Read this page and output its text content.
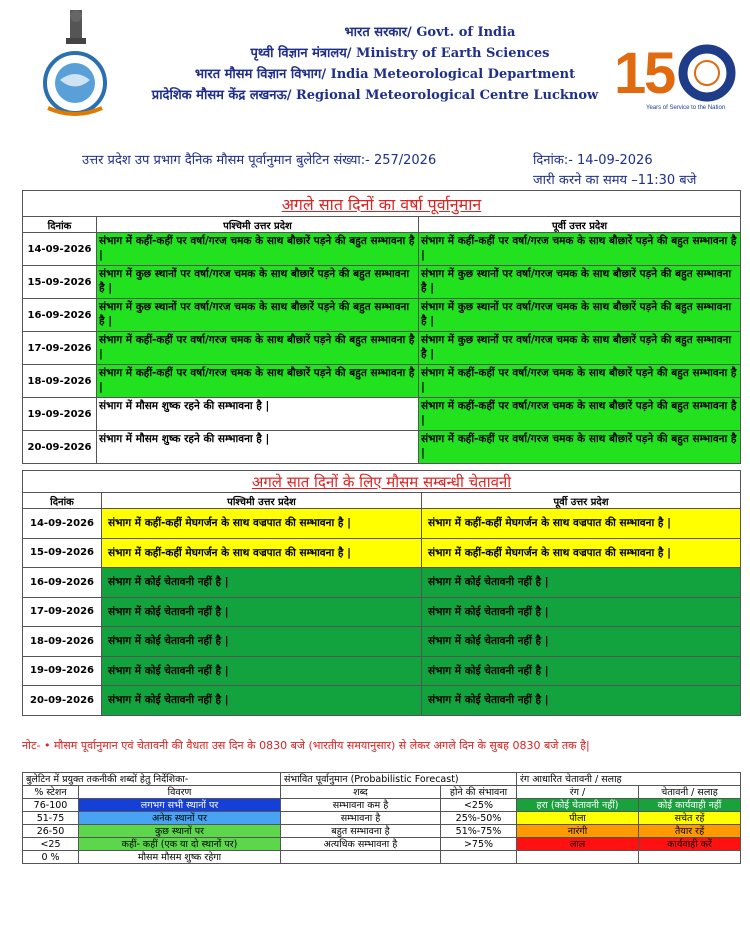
भारत सरकार/ Govt. of India
पृथ्वी विज्ञान मंत्रालय/ Ministry of Earth Sciences
भारत मौसम विज्ञान विभाग/ India Meteorological Department
प्रादेशिक मौसम केंद्र लखनऊ/ Regional Meteorological Centre Lucknow 1
5
Years of Service to the Nation
उत्तर प्रदेश उप प्रभाग दैनिक मौसम पूर्वानुमान बुलेटिन संख्या:- 257/2026	दिनांक:- 14-09-2026
जारी करने का समय –11:30 बजे
अगले सात दिनों का वर्षा पूर्वानुमान		
दिनांक	पश्चिमी उत्तर प्रदेश	पूर्वी उत्तर प्रदेश
14-09-2026	संभाग में कहीं-कहीं पर वर्षा/गरज चमक के साथ बौछारें पड़ने की बहुत सम्भावना है |	संभाग में कहीं-कहीं पर वर्षा/गरज चमक के साथ बौछारें पड़ने की बहुत सम्भावना है |
15-09-2026	संभाग में कुछ स्थानों पर वर्षा/गरज चमक के साथ बौछारें पड़ने की बहुत सम्भावना है |	संभाग में कुछ स्थानों पर वर्षा/गरज चमक के साथ बौछारें पड़ने की बहुत सम्भावना है |
16-09-2026	संभाग में कुछ स्थानों पर वर्षा/गरज चमक के साथ बौछारें पड़ने की बहुत सम्भावना है |	संभाग में कुछ स्थानों पर वर्षा/गरज चमक के साथ बौछारें पड़ने की बहुत सम्भावना है |
17-09-2026	संभाग में कहीं-कहीं पर वर्षा/गरज चमक के साथ बौछारें पड़ने की बहुत सम्भावना है |	संभाग में कुछ स्थानों पर वर्षा/गरज चमक के साथ बौछारें पड़ने की बहुत सम्भावना है |
18-09-2026	संभाग में कहीं-कहीं पर वर्षा/गरज चमक के साथ बौछारें पड़ने की बहुत सम्भावना है |	संभाग में कहीं-कहीं पर वर्षा/गरज चमक के साथ बौछारें पड़ने की बहुत सम्भावना है |
19-09-2026	संभाग में मौसम शुष्क रहने की सम्भावना है |	संभाग में कहीं-कहीं पर वर्षा/गरज चमक के साथ बौछारें पड़ने की बहुत सम्भावना है |
20-09-2026	संभाग में मौसम शुष्क रहने की सम्भावना है |	संभाग में कहीं-कहीं पर वर्षा/गरज चमक के साथ बौछारें पड़ने की बहुत सम्भावना है |
अगले सात दिनों के लिए मौसम सम्बन्धी चेतावनी		
दिनांक	पश्चिमी उत्तर प्रदेश	पूर्वी उत्तर प्रदेश
14-09-2026	संभाग में कहीं-कहीं मेघगर्जन के साथ वज्रपात की सम्भावना है |	संभाग में कहीं-कहीं मेघगर्जन के साथ वज्रपात की सम्भावना है |
15-09-2026	संभाग में कहीं-कहीं मेघगर्जन के साथ वज्रपात की सम्भावना है |	संभाग में कहीं-कहीं मेघगर्जन के साथ वज्रपात की सम्भावना है |
16-09-2026	संभाग में कोई चेतावनी नहीं है |	संभाग में कोई चेतावनी नहीं है |
17-09-2026	संभाग में कोई चेतावनी नहीं है |	संभाग में कोई चेतावनी नहीं है |
18-09-2026	संभाग में कोई चेतावनी नहीं है |	संभाग में कोई चेतावनी नहीं है |
19-09-2026	संभाग में कोई चेतावनी नहीं है |	संभाग में कोई चेतावनी नहीं है |
20-09-2026	संभाग में कोई चेतावनी नहीं है |	संभाग में कोई चेतावनी नहीं है |
नोट- • मौसम पूर्वानुमान एवं चेतावनी की वैधता उस दिन के 0830 बजे (भारतीय समयानुसार) से लेकर अगले दिन के सुबह 0830 बजे तक है|
बुलेटिन में प्रयुक्त तकनीकी शब्दों हेतु निर्देशिका-		संभावित पूर्वानुमान (Probabilistic Forecast)		रंग आधारित चेतावनी / सलाह	
% स्टेशन	विवरण	शब्द	होने की संभावना	रंग /	चेतावनी / सलाह
76-100	लगभग सभी स्थानों पर	सम्भावना कम है	<25%	हरा (कोई चेतावनी नहीं)	कोई कार्यवाही नहीं
51-75	अनेक स्थानों पर	सम्भावना है	25%-50%	पीला	सचेत रहें
26-50	कुछ स्थानों पर	बहुत सम्भावना है	51%-75%	नारंगी	तैयार रहें
<25	कहीं- कहीं (एक या दो स्थानों पर)	अत्यधिक सम्भावना है	>75%	लाल	कार्यवाही करें
0 %	मौसम मौसम शुष्क रहेगा				
